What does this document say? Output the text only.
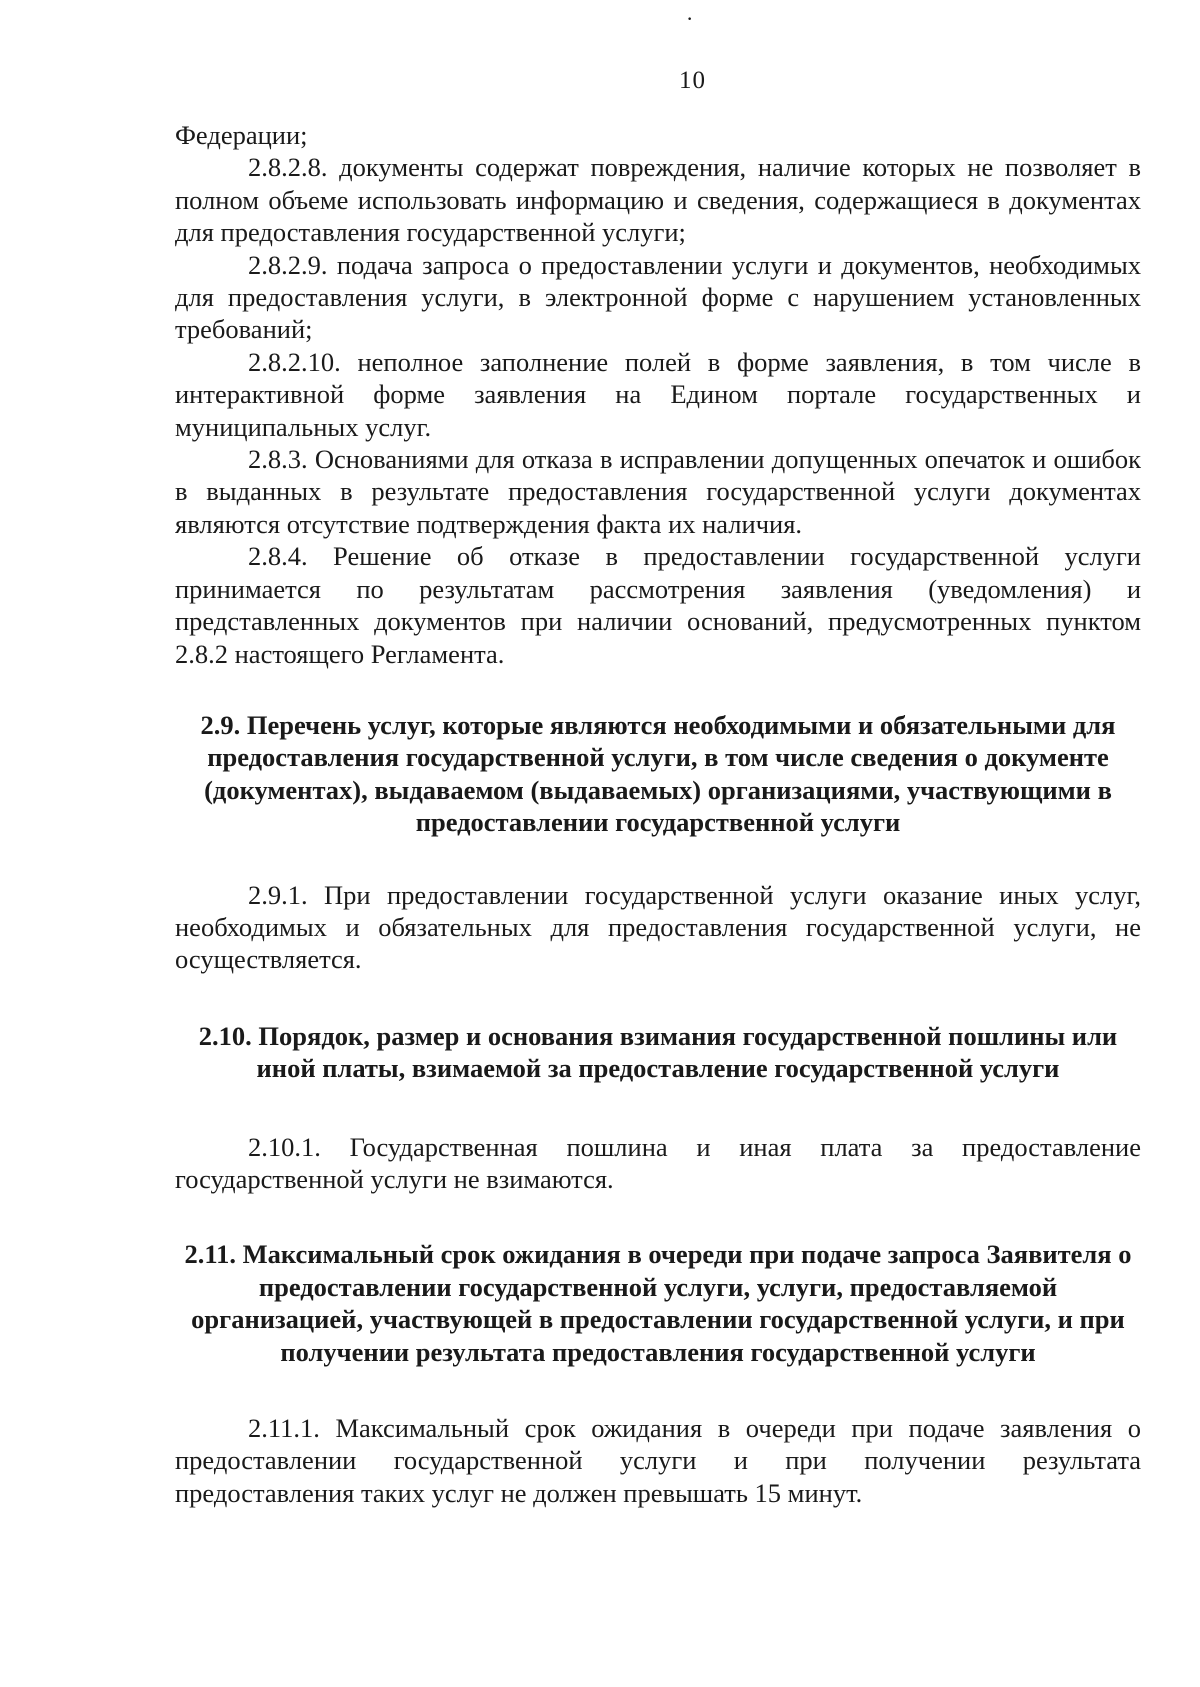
·
10

Федерации;

2.8.2.8. документы содержат повреждения, наличие которых не позволяет в полном объеме использовать информацию и сведения, содержащиеся в документах для предоставления государственной услуги;

2.8.2.9. подача запроса о предоставлении услуги и документов, необходимых для предоставления услуги, в электронной форме с нарушением установленных требований;

2.8.2.10. неполное заполнение полей в форме заявления, в том числе в интерактивной форме заявления на Едином портале государственных и муниципальных услуг.

2.8.3. Основаниями для отказа в исправлении допущенных опечаток и ошибок в выданных в результате предоставления государственной услуги документах являются отсутствие подтверждения факта их наличия.

2.8.4. Решение об отказе в предоставлении государственной услуги принимается по результатам рассмотрения заявления (уведомления) и представленных документов при наличии оснований, предусмотренных пунктом 2.8.2 настоящего Регламента.

2.9. Перечень услуг, которые являются необходимыми и обязательными для предоставления государственной услуги, в том числе сведения о документе (документах), выдаваемом (выдаваемых) организациями, участвующими в предоставлении государственной услуги

2.9.1. При предоставлении государственной услуги оказание иных услуг, необходимых и обязательных для предоставления государственной услуги, не осуществляется.

2.10. Порядок, размер и основания взимания государственной пошлины или иной платы, взимаемой за предоставление государственной услуги

2.10.1. Государственная пошлина и иная плата за предоставление государственной услуги не взимаются.

2.11. Максимальный срок ожидания в очереди при подаче запроса Заявителя о предоставлении государственной услуги, услуги, предоставляемой организацией, участвующей в предоставлении государственной услуги, и при получении результата предоставления государственной услуги

2.11.1. Максимальный срок ожидания в очереди при подаче заявления о предоставлении государственной услуги и при получении результата предоставления таких услуг не должен превышать 15 минут.
